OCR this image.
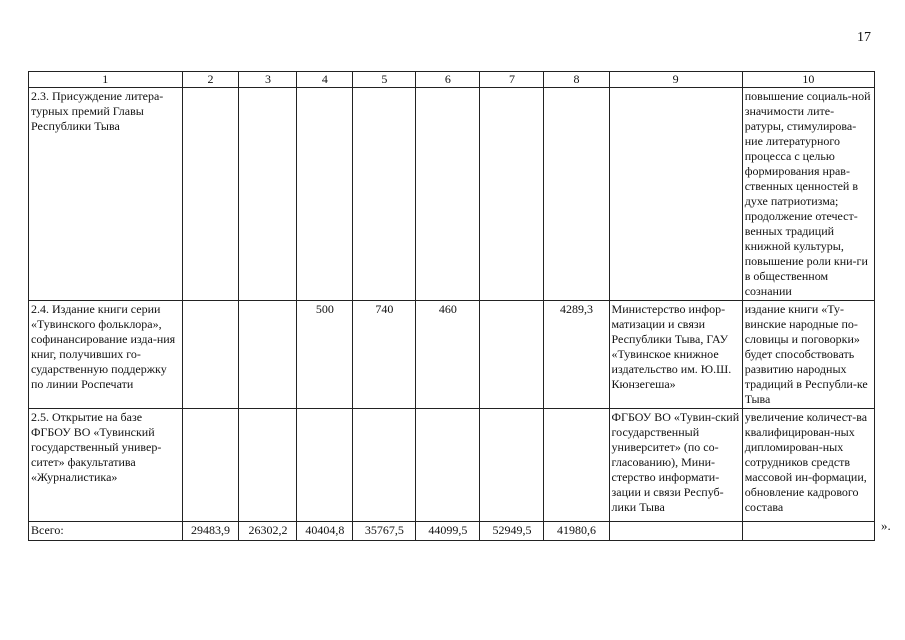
17
1	2	3	4	5	6	7	8	9	10
2.3. Присуждение литера-турных премий Главы Республики Тыва									повышение социаль-ной значимости лите-ратуры, стимулирова-ние литературного процесса с целью формирования нрав-ственных ценностей в духе патриотизма; продолжение отечест-венных традиций книжной культуры, повышение роли кни-ги в общественном сознании
2.4. Издание книги серии «Тувинского фольклора», софинансирование изда-ния книг, получивших го-сударственную поддержку по линии Роспечати			500	740	460		4289,3	Министерство инфор-матизации и связи Республики Тыва, ГАУ «Тувинское книжное издательство им. Ю.Ш. Кюнзегеша»	издание книги «Ту-винские народные по-словицы и поговорки» будет способствовать развитию народных традиций в Республи-ке Тыва
2.5. Открытие на базе ФГБОУ ВО «Тувинский государственный универ-ситет» факультатива «Журналистика»								ФГБОУ ВО «Тувин-ский государственный университет» (по со-гласованию), Мини-стерство информати-зации и связи Респуб-лики Тыва	увеличение количест-ва квалифицирован-ных дипломирован-ных сотрудников средств массовой ин-формации, обновление кадрового состава
Всего:	29483,9	26302,2	40404,8	35767,5	44099,5	52949,5	41980,6			».
